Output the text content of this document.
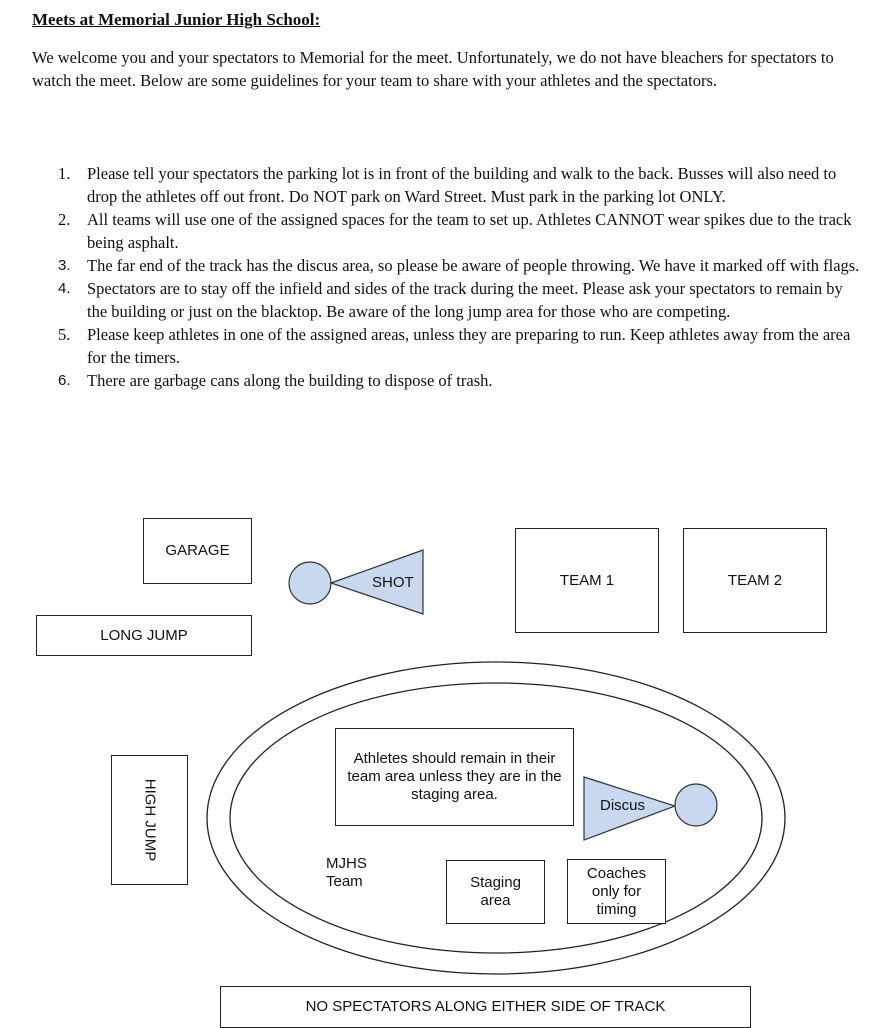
Meets at Memorial Junior High School:

We welcome you and your spectators to Memorial for the meet. Unfortunately, we do not have bleachers for spectators to watch the meet. Below are some guidelines for your team to share with your athletes and the spectators.

1. Please tell your spectators the parking lot is in front of the building and walk to the back. Busses will also need to drop the athletes off out front. Do NOT park on Ward Street. Must park in the parking lot ONLY.
2. All teams will use one of the assigned spaces for the team to set up. Athletes CANNOT wear spikes due to the track being asphalt.
3. The far end of the track has the discus area, so please be aware of people throwing. We have it marked off with flags.
4. Spectators are to stay off the infield and sides of the track during the meet. Please ask your spectators to remain by the building or just on the blacktop. Be aware of the long jump area for those who are competing.
5. Please keep athletes in one of the assigned areas, unless they are preparing to run. Keep athletes away from the area for the timers.
6. There are garbage cans along the building to dispose of trash.
GARAGE
SHOT	TEAM 1	TEAM 2
LONG JUMP
HIGH JUMP
Athletes should remain in their team area unless they are in the staging area.
Discus
MJHS
Team	Staging
area
Coaches
only for
timing
NO SPECTATORS ALONG EITHER SIDE OF TRACK
